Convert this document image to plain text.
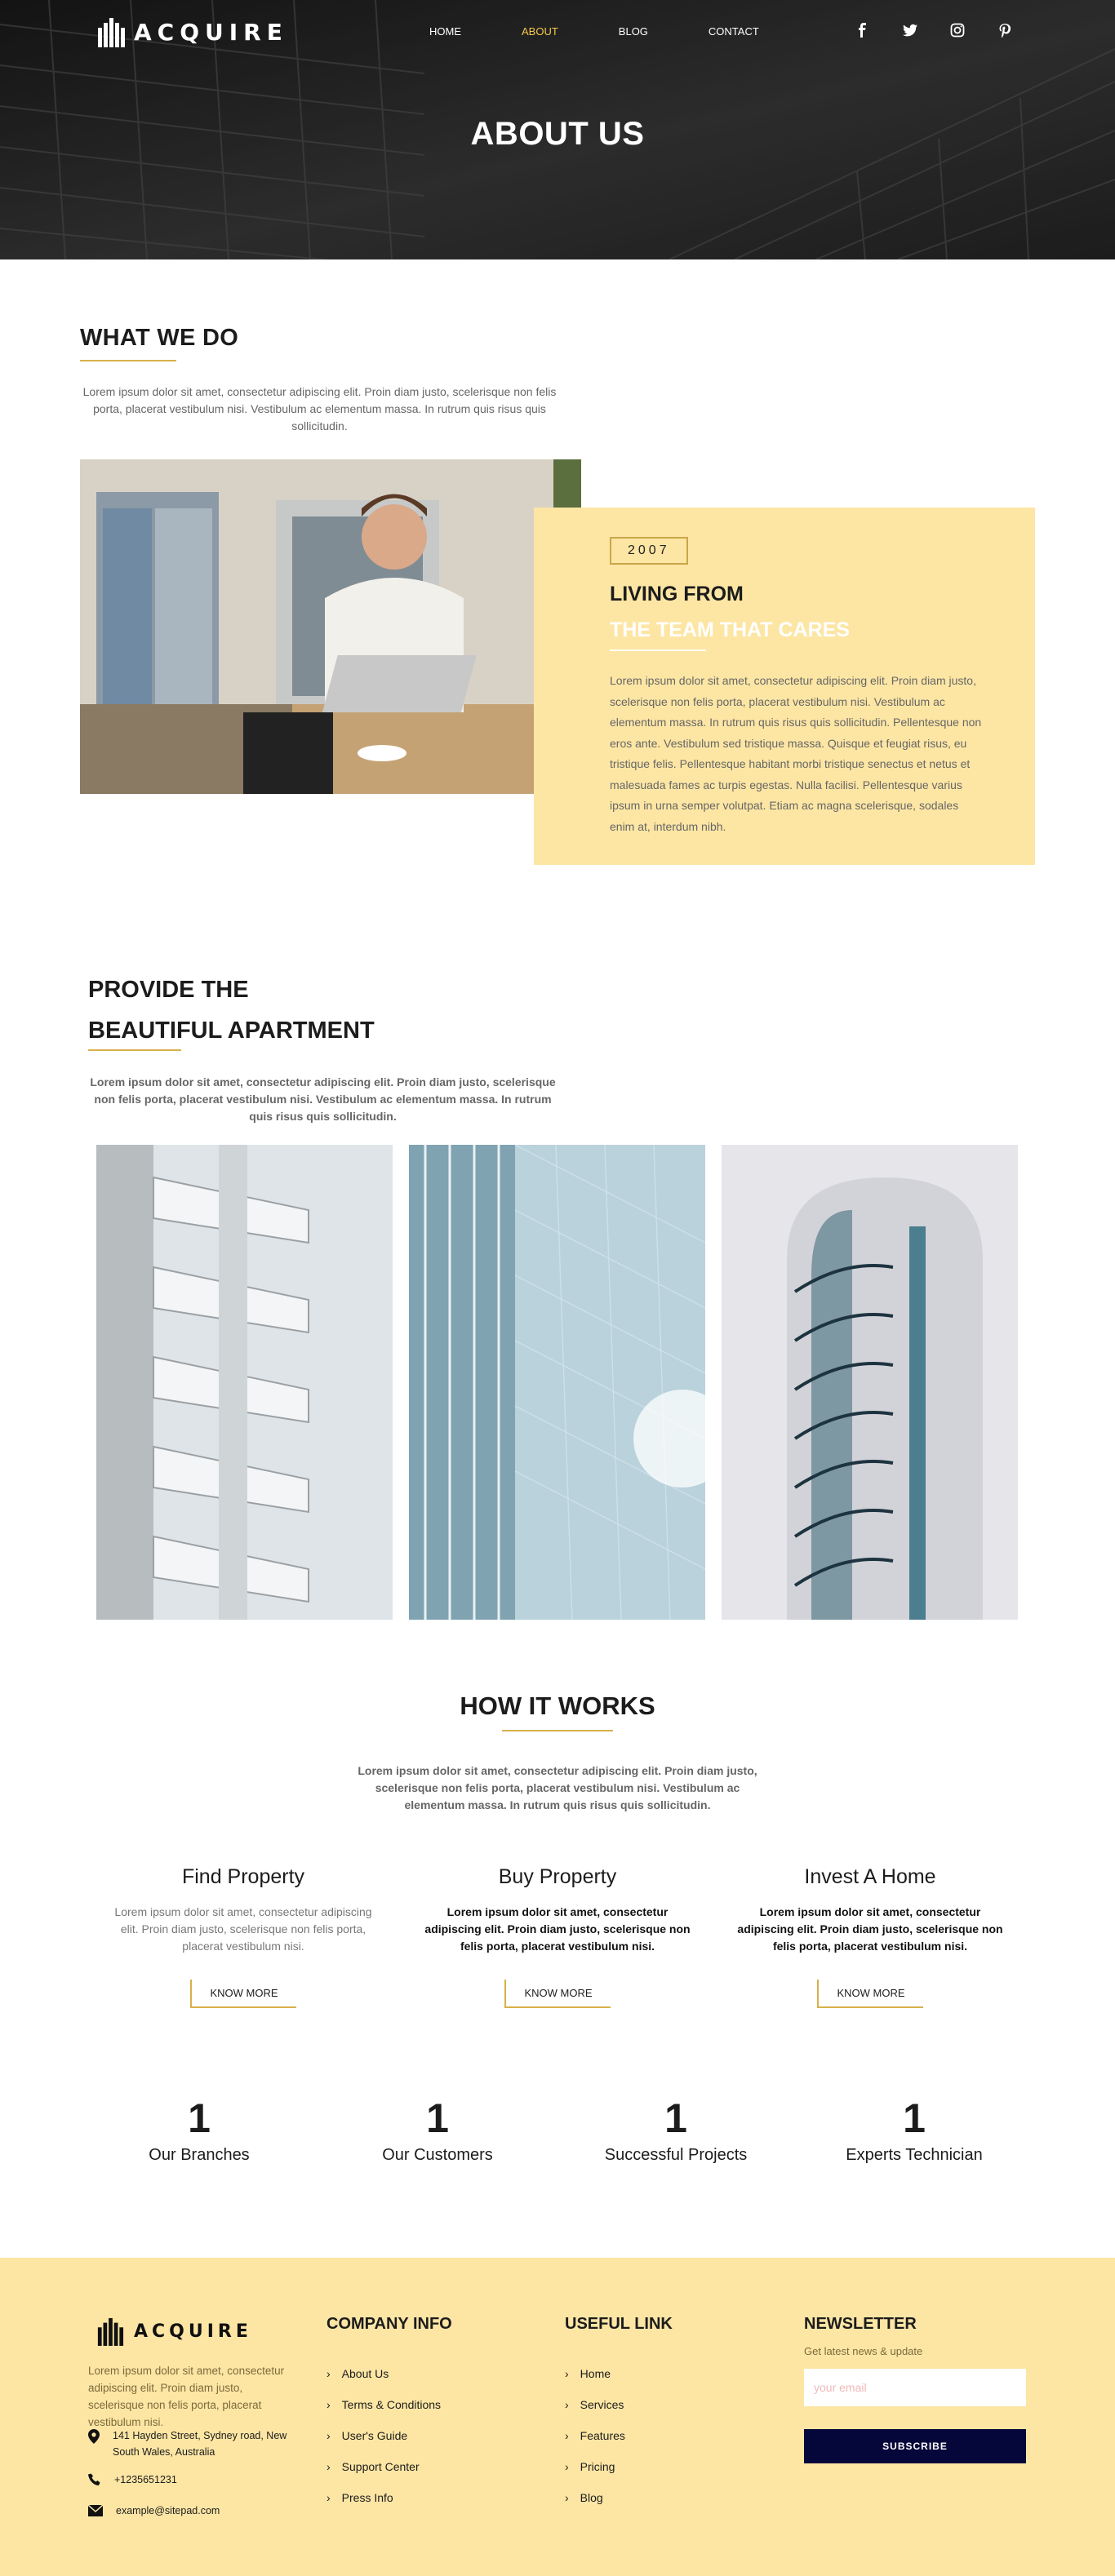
ACQUIRE	HOME	ABOUT	BLOG	CONTACT
ABOUT US
WHAT WE DO
Lorem ipsum dolor sit amet, consectetur adipiscing elit. Proin diam justo, scelerisque non felis porta, placerat vestibulum nisi. Vestibulum ac elementum massa. In rutrum quis risus quis sollicitudin.
2007
LIVING FROM
THE TEAM THAT CARES
Lorem ipsum dolor sit amet, consectetur adipiscing elit. Proin diam justo, scelerisque non felis porta, placerat vestibulum nisi. Vestibulum ac elementum massa. In rutrum quis risus quis sollicitudin. Pellentesque non eros ante. Vestibulum sed tristique massa. Quisque et feugiat risus, eu tristique felis. Pellentesque habitant morbi tristique senectus et netus et malesuada fames ac turpis egestas. Nulla facilisi. Pellentesque varius ipsum in urna semper volutpat. Etiam ac magna scelerisque, sodales enim at, interdum nibh.
PROVIDE THE
BEAUTIFUL APARTMENT
Lorem ipsum dolor sit amet, consectetur adipiscing elit. Proin diam justo, scelerisque non felis porta, placerat vestibulum nisi. Vestibulum ac elementum massa. In rutrum quis risus quis sollicitudin.
HOW IT WORKS
Lorem ipsum dolor sit amet, consectetur adipiscing elit. Proin diam justo, scelerisque non felis porta, placerat vestibulum nisi. Vestibulum ac elementum massa. In rutrum quis risus quis sollicitudin.
Find Property
Lorem ipsum dolor sit amet, consectetur adipiscing elit. Proin diam justo, scelerisque non felis porta, placerat vestibulum nisi.
KNOW MORE
Buy Property
Lorem ipsum dolor sit amet, consectetur adipiscing elit. Proin diam justo, scelerisque non felis porta, placerat vestibulum nisi.
KNOW MORE
Invest A Home
Lorem ipsum dolor sit amet, consectetur adipiscing elit. Proin diam justo, scelerisque non felis porta, placerat vestibulum nisi.
KNOW MORE
1
Our Branches
1
Our Customers
1
Successful Projects
1
Experts Technician
ACQUIRE
Lorem ipsum dolor sit amet, consectetur adipiscing elit. Proin diam justo, scelerisque non felis porta, placerat vestibulum nisi.
141 Hayden Street, Sydney road, New South Wales, Australia
+1235651231
example@sitepad.com
COMPANY INFO
› About Us
› Terms & Conditions
› User's Guide
› Support Center
› Press Info
USEFUL LINK
› Home
› Services
› Features
› Pricing
› Blog
NEWSLETTER
Get latest news & update
your email SUBSCRIBE
